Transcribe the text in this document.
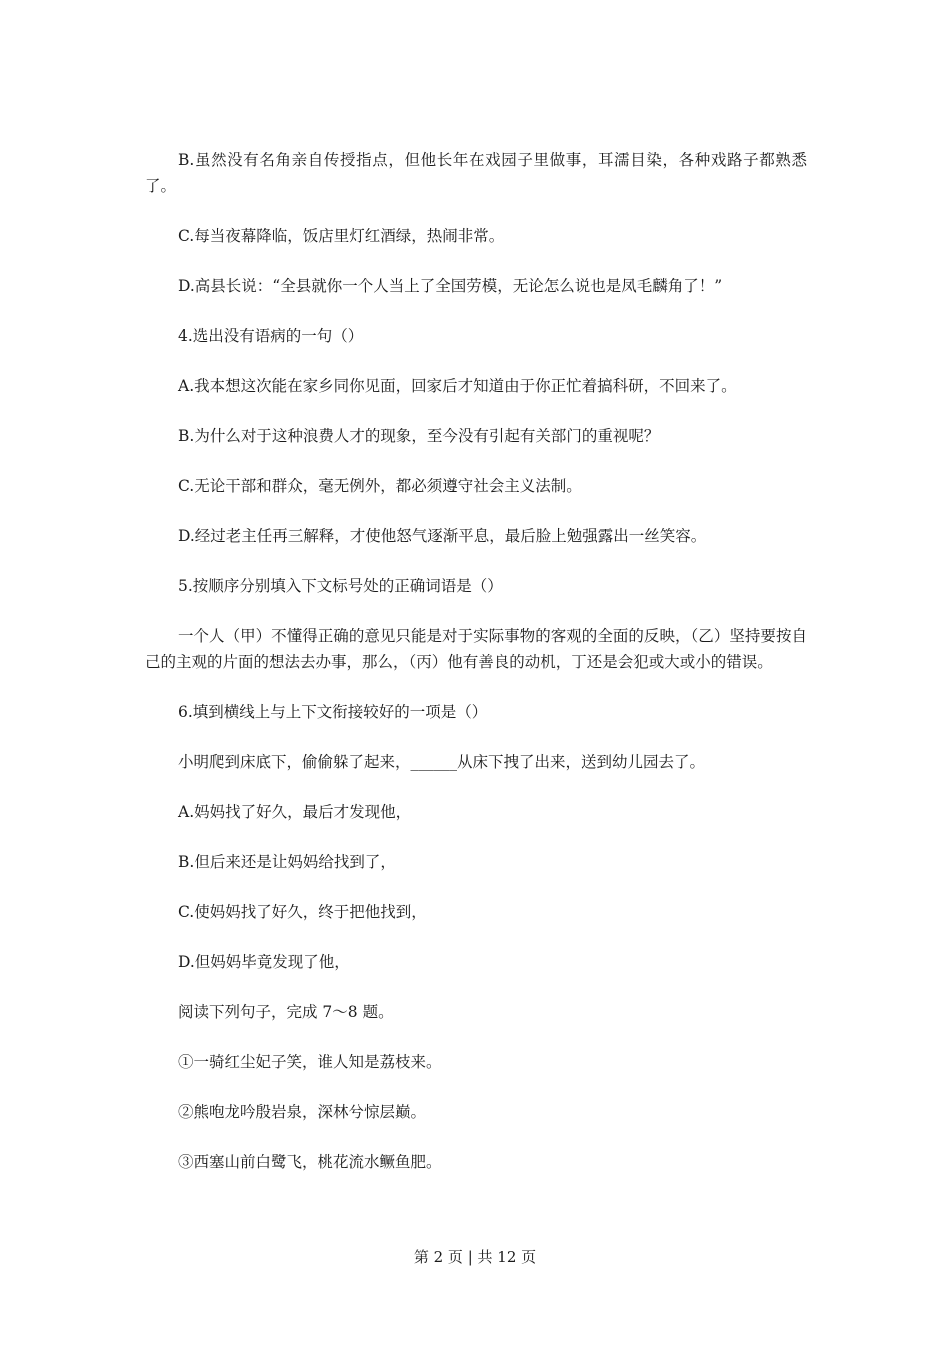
B.虽然没有名角亲自传授指点，但他长年在戏园子里做事，耳濡目染，各种戏路子都熟悉了。

C.每当夜幕降临，饭店里灯红酒绿，热闹非常。

D.高县长说：“全县就你一个人当上了全国劳模，无论怎么说也是凤毛麟角了！”

4.选出没有语病的一句（）

A.我本想这次能在家乡同你见面，回家后才知道由于你正忙着搞科研，不回来了。

B.为什么对于这种浪费人才的现象，至今没有引起有关部门的重视呢？

C.无论干部和群众，毫无例外，都必须遵守社会主义法制。

D.经过老主任再三解释，才使他怒气逐渐平息，最后脸上勉强露出一丝笑容。

5.按顺序分别填入下文标号处的正确词语是（）

一个人（甲）不懂得正确的意见只能是对于实际事物的客观的全面的反映，（乙）坚持要按自己的主观的片面的想法去办事，那么，（丙）他有善良的动机，丁还是会犯或大或小的错误。

6.填到横线上与上下文衔接较好的一项是（）

小明爬到床底下，偷偷躲了起来，______从床下拽了出来，送到幼儿园去了。

A.妈妈找了好久，最后才发现他，

B.但后来还是让妈妈给找到了，

C.使妈妈找了好久，终于把他找到，

D.但妈妈毕竟发现了他，

阅读下列句子，完成 7～8 题。

①一骑红尘妃子笑，谁人知是荔枝来。

②熊咆龙吟殷岩泉，深林兮惊层巅。

③西塞山前白鹭飞，桃花流水鳜鱼肥。

第 2 页 | 共 12 页
